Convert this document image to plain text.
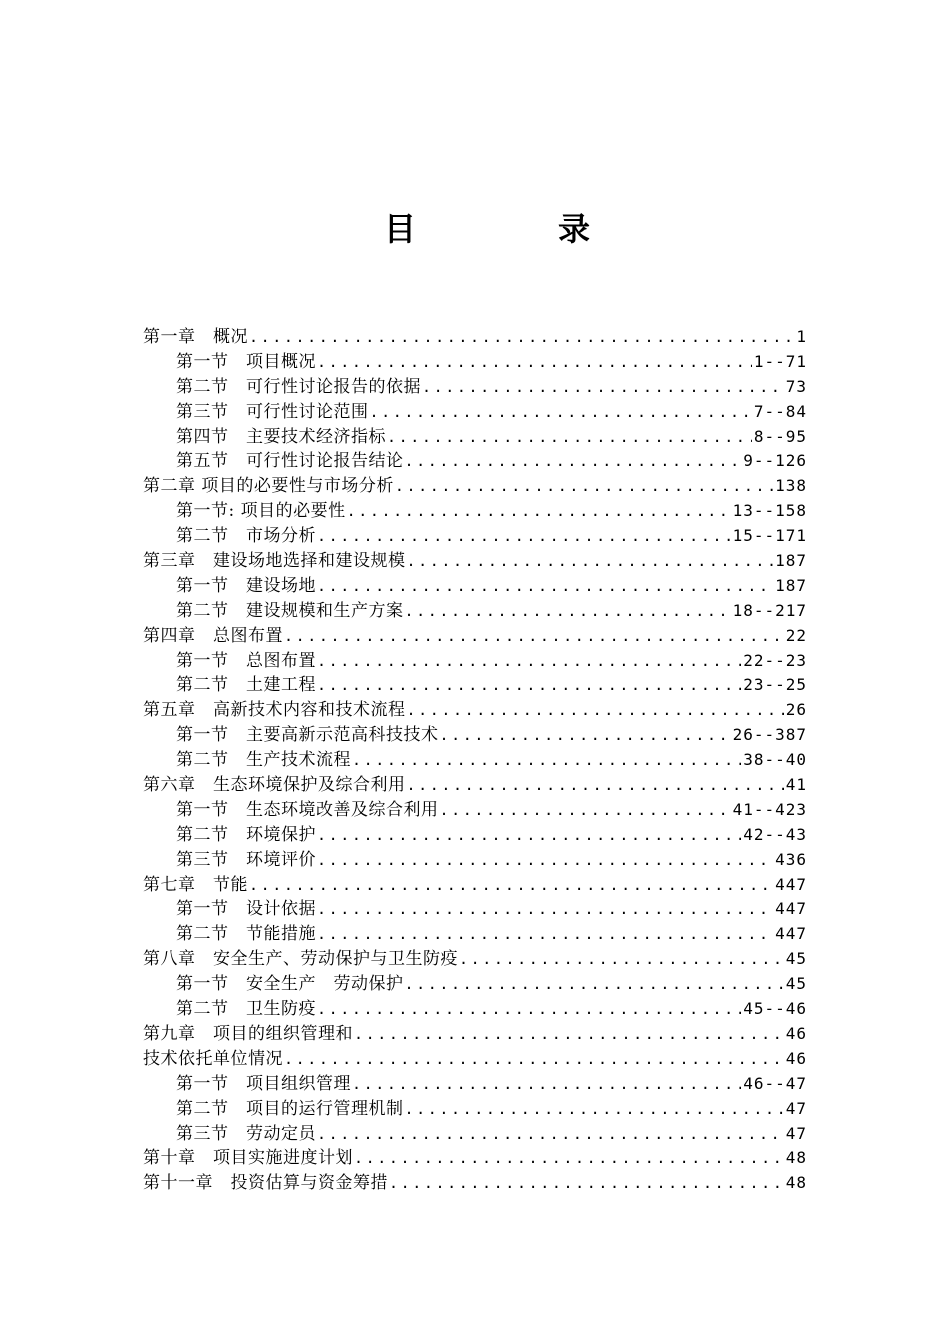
目	录
第一章　概况 .....	1
第一节　项目概况 .....	1--71
第二节　可行性讨论报告的依据 .....	73
第三节　可行性讨论范围 .....	7--84
第四节　主要技术经济指标 .....	8--95
第五节　可行性讨论报告结论 .....	9--126
第二章 项目的必要性与市场分析 .....	138
第一节: 项目的必要性 .....	13--158
第二节　市场分析 .....	15--171
第三章　建设场地选择和建设规模 .....	187
第一节　建设场地 .....	187
第二节　建设规模和生产方案 .....	18--217
第四章　总图布置 .....	22
第一节　总图布置 .....	22--23
第二节　土建工程 .....	23--25
第五章　高新技术内容和技术流程 .....	26
第一节　主要高新示范高科技技术 .....	26--387
第二节　生产技术流程 .....	38--40
第六章　生态环境保护及综合利用 .....	41
第一节　生态环境改善及综合利用 .....	41--423
第二节　环境保护 .....	42--43
第三节　环境评价 .....	436
第七章　节能 .....	447
第一节　设计依据 .....	447
第二节　节能措施 .....	447
第八章　安全生产、劳动保护与卫生防疫 .....	45
第一节　安全生产　劳动保护 .....	45
第二节　卫生防疫 .....	45--46
第九章　项目的组织管理和 .....	46
技术依托单位情况 .....	46
第一节　项目组织管理 .....	46--47
第二节　项目的运行管理机制 .....	47
第三节　劳动定员 .....	47
第十章　项目实施进度计划 .....	48
第十一章　投资估算与资金筹措 .....	48
